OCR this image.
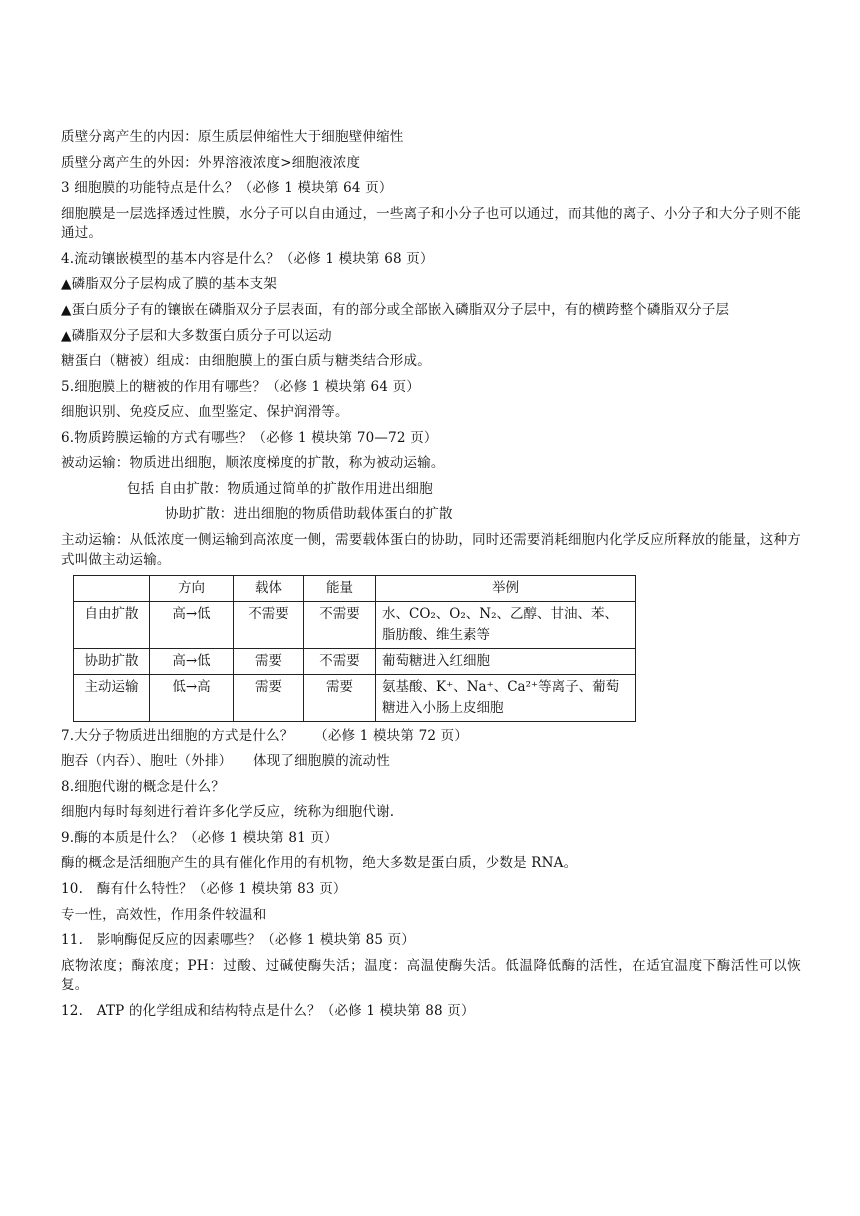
质壁分离产生的内因：原生质层伸缩性大于细胞壁伸缩性

质壁分离产生的外因：外界溶液浓度>细胞液浓度

3 细胞膜的功能特点是什么？（必修 1 模块第 64 页）

细胞膜是一层选择透过性膜，水分子可以自由通过，一些离子和小分子也可以通过，而其他的离子、小分子和大分子则不能通过。

4.流动镶嵌模型的基本内容是什么？（必修 1 模块第 68 页）

▲磷脂双分子层构成了膜的基本支架

▲蛋白质分子有的镶嵌在磷脂双分子层表面，有的部分或全部嵌入磷脂双分子层中，有的横跨整个磷脂双分子层

▲磷脂双分子层和大多数蛋白质分子可以运动

糖蛋白（糖被）组成：由细胞膜上的蛋白质与糖类结合形成。

5.细胞膜上的糖被的作用有哪些？（必修 1 模块第 64 页）

细胞识别、免疫反应、血型鉴定、保护润滑等。

6.物质跨膜运输的方式有哪些？（必修 1 模块第 70—72 页）

被动运输：物质进出细胞，顺浓度梯度的扩散，称为被动运输。

包括 自由扩散：物质通过简单的扩散作用进出细胞

协助扩散：进出细胞的物质借助载体蛋白的扩散

主动运输：从低浓度一侧运输到高浓度一侧，需要载体蛋白的协助，同时还需要消耗细胞内化学反应所释放的能量，这种方式叫做主动运输。

	方向	载体	能量	举例
自由扩散	高→低	不需要	不需要	水、CO₂、O₂、N₂、乙醇、甘油、苯、脂肪酸、维生素等
协助扩散	高→低	需要	不需要	葡萄糖进入红细胞
主动运输	低→高	需要	需要	氨基酸、K⁺、Na⁺、Ca²⁺等离子、葡萄糖进入小肠上皮细胞

7.大分子物质进出细胞的方式是什么？　　（必修 1 模块第 72 页）

胞吞（内吞）、胞吐（外排）　　体现了细胞膜的流动性

8.细胞代谢的概念是什么？

细胞内每时每刻进行着许多化学反应，统称为细胞代谢.

9.酶的本质是什么？（必修 1 模块第 81 页）

酶的概念是活细胞产生的具有催化作用的有机物，绝大多数是蛋白质，少数是 RNA。

10.　酶有什么特性？（必修 1 模块第 83 页）

专一性，高效性，作用条件较温和

11.　影响酶促反应的因素哪些？（必修 1 模块第 85 页）

底物浓度；酶浓度；PH：过酸、过碱使酶失活；温度：高温使酶失活。低温降低酶的活性，在适宜温度下酶活性可以恢复。

12.　ATP 的化学组成和结构特点是什么？（必修 1 模块第 88 页）
